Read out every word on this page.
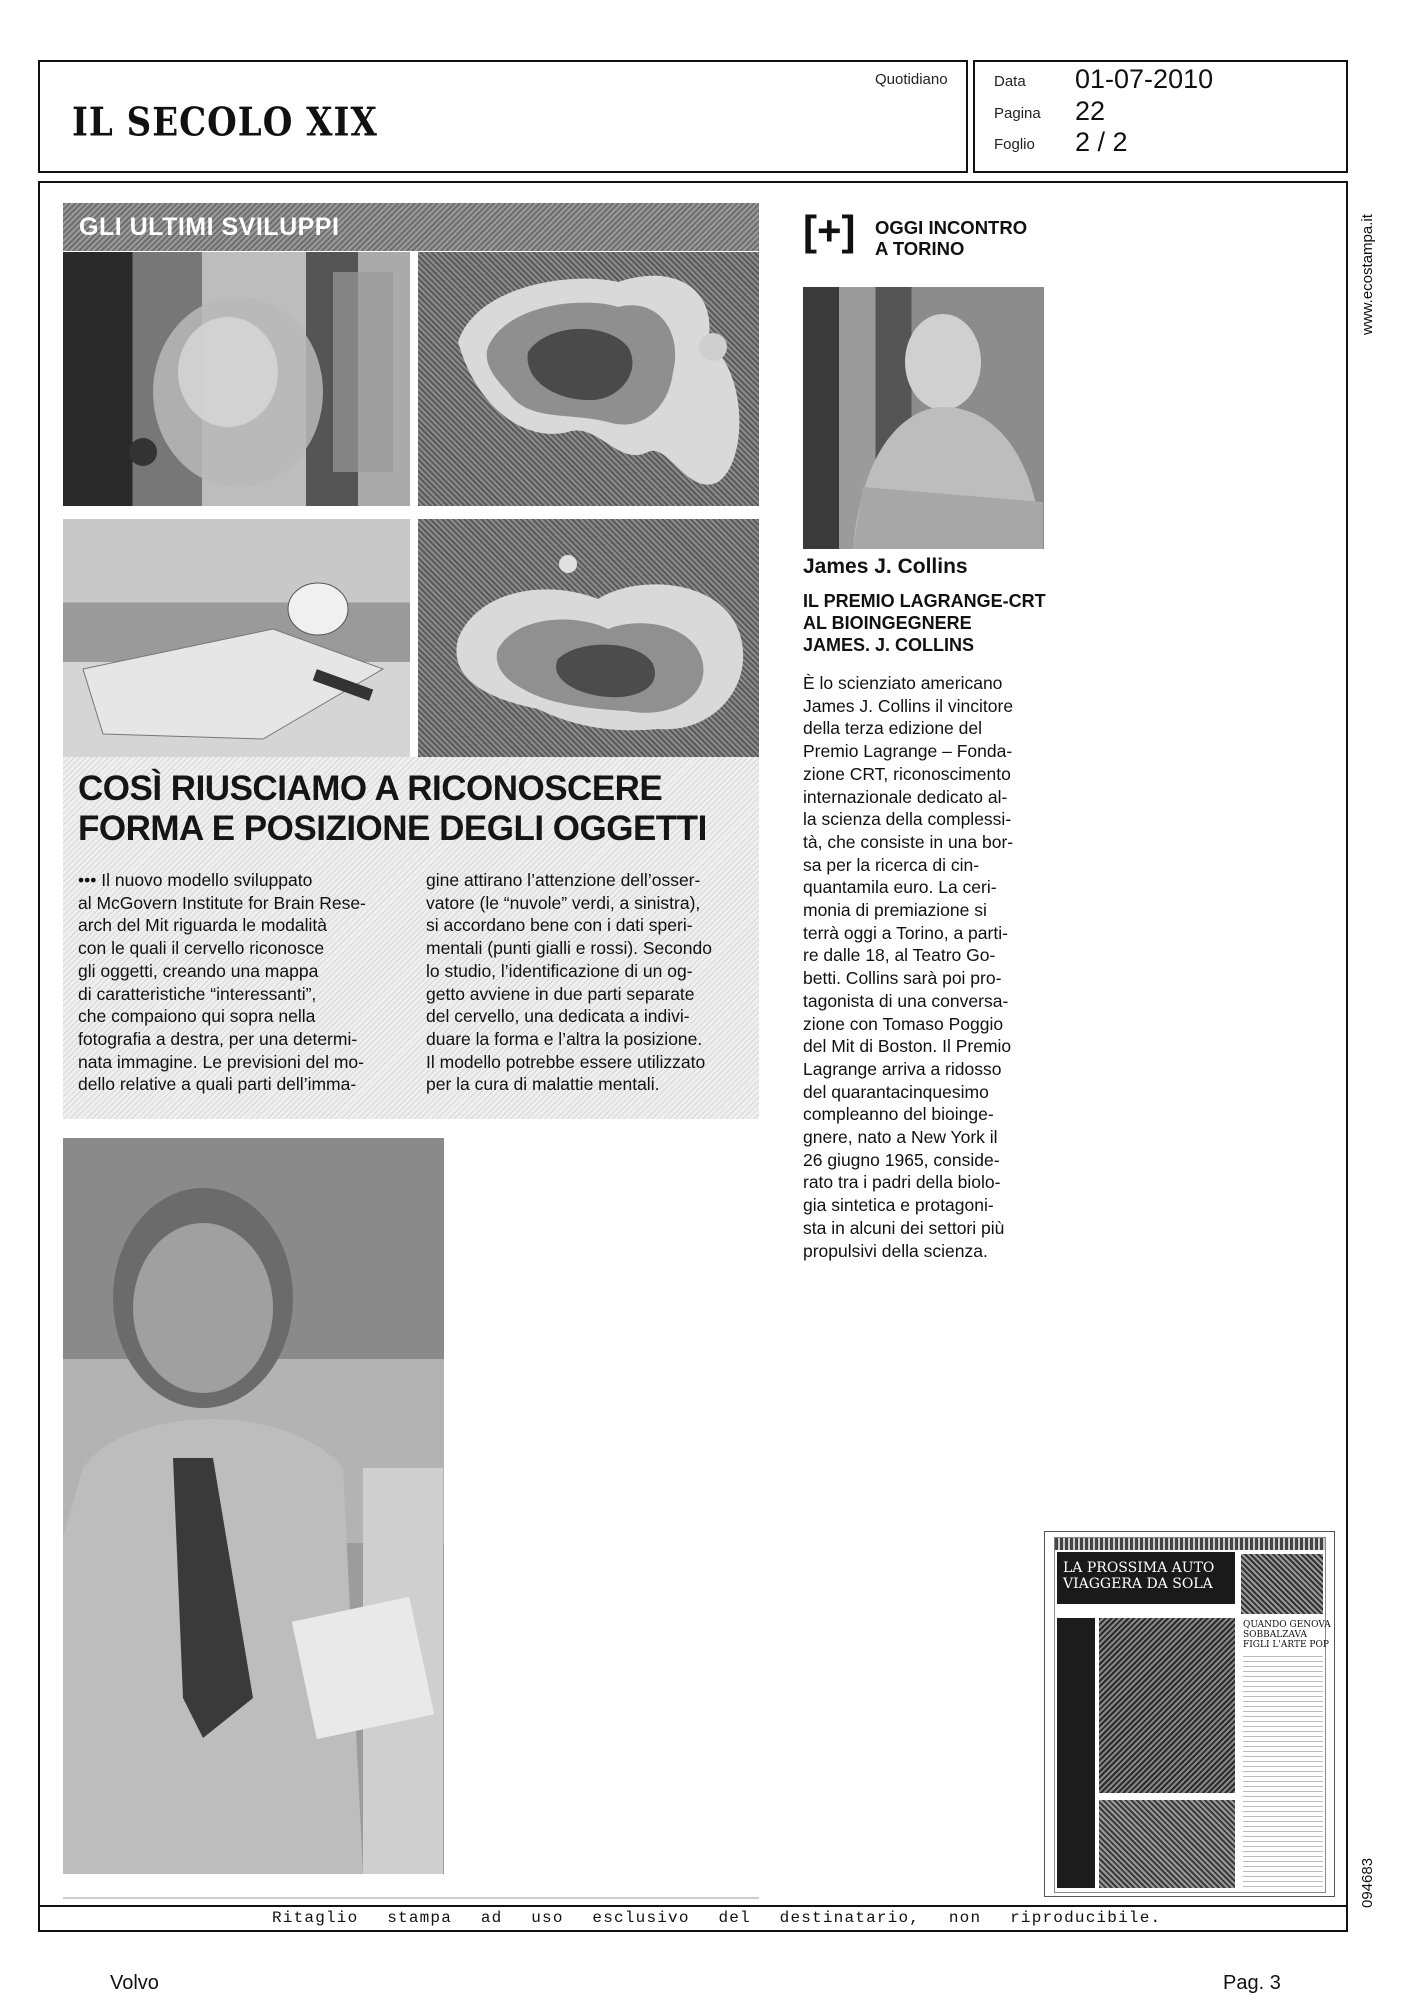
IL SECOLO XIX
Quotidiano	Data 01-07-2010
Pagina 22
Foglio 2 / 2
GLI ULTIMI SVILUPPI
COSÌ RIUSCIAMO A RICONOSCERE
FORMA E POSIZIONE DEGLI OGGETTI
••• Il nuovo modello sviluppato
al McGovern Institute for Brain Rese-
arch del Mit riguarda le modalità
con le quali il cervello riconosce
gli oggetti, creando una mappa
di caratteristiche “interessanti”,
che compaiono qui sopra nella
fotografia a destra, per una determi-
nata immagine. Le previsioni del mo-
dello relative a quali parti dell’imma-
gine attirano l’attenzione dell’osser-
vatore (le “nuvole” verdi, a sinistra),
si accordano bene con i dati speri-
mentali (punti gialli e rossi). Secondo
lo studio, l’identificazione di un og-
getto avviene in due parti separate
del cervello, una dedicata a indivi-
duare la forma e l’altra la posizione.
Il modello potrebbe essere utilizzato
per la cura di malattie mentali.
[+] OGGI INCONTRO
A TORINO
James J. Collins
IL PREMIO LAGRANGE-CRT
AL BIOINGEGNERE
JAMES. J. COLLINS
È lo scienziato americano
James J. Collins il vincitore
della terza edizione del
Premio Lagrange – Fonda-
zione CRT, riconoscimento
internazionale dedicato al-
la scienza della complessi-
tà, che consiste in una bor-
sa per la ricerca di cin-
quantamila euro. La ceri-
monia di premiazione si
terrà oggi a Torino, a parti-
re dalle 18, al Teatro Go-
betti. Collins sarà poi pro-
tagonista di una conversa-
zione con Tomaso Poggio
del Mit di Boston. Il Premio
Lagrange arriva a ridosso
del quarantacinquesimo
compleanno del bioinge-
gnere, nato a New York il
26 giugno 1965, conside-
rato tra i padri della biolo-
gia sintetica e protagoni-
sta in alcuni dei settori più
propulsivi della scienza.
www.ecostampa.it
094683
LA PROSSIMA AUTO
VIAGGERA DA SOLA
QUANDO GENOVA
SOBBALZAVA
FIGLI L'ARTE POP
Ritaglio stampa ad uso esclusivo del destinatario, non riproducibile.
Volvo	Pag. 3
